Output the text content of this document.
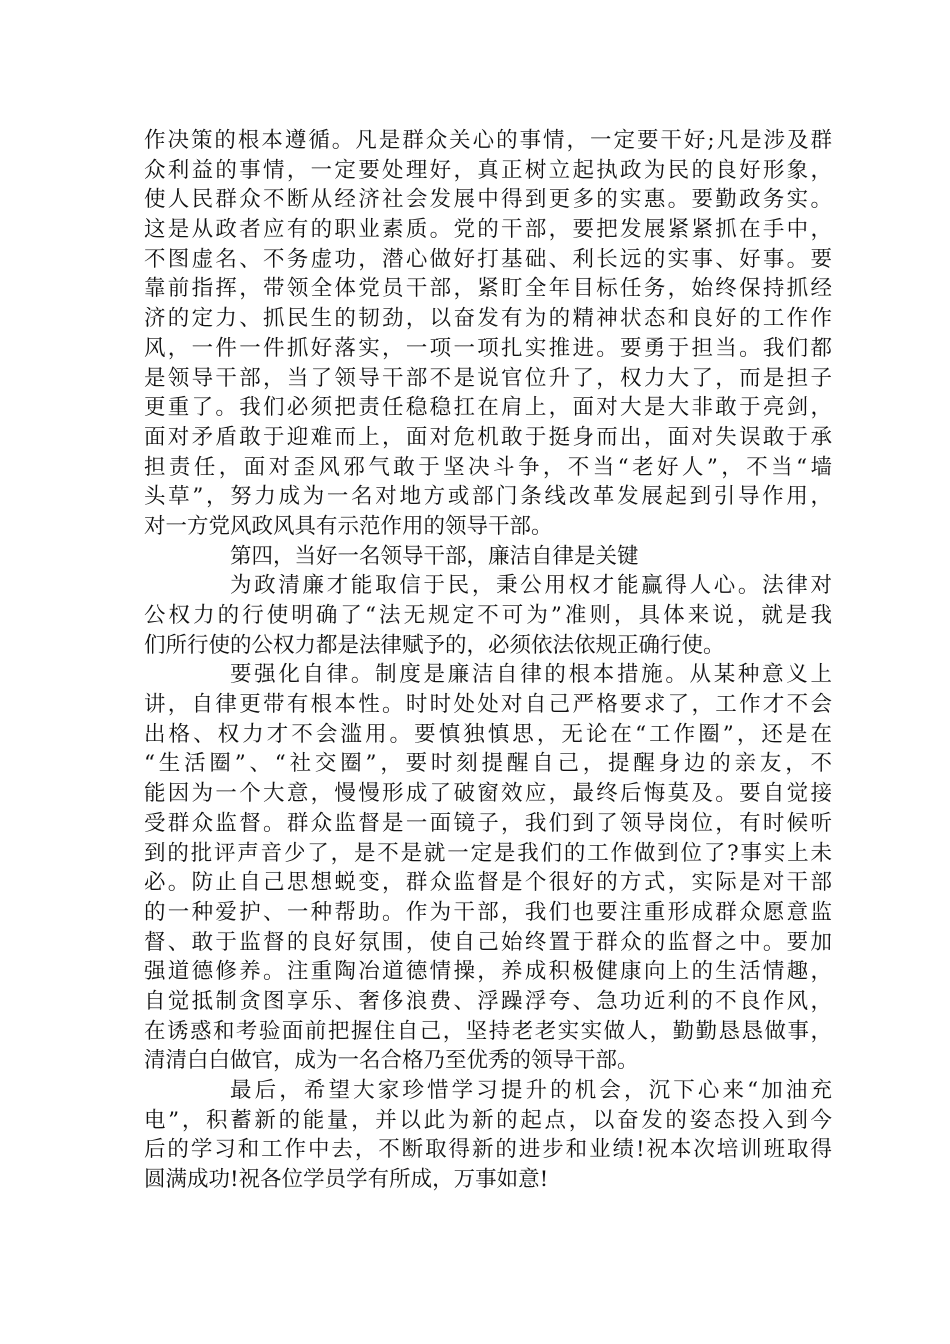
作决策的根本遵循。凡是群众关心的事情，一定要干好;凡是涉及群
众利益的事情，一定要处理好，真正树立起执政为民的良好形象，
使人民群众不断从经济社会发展中得到更多的实惠。要勤政务实。
这是从政者应有的职业素质。党的干部，要把发展紧紧抓在手中，
不图虚名、不务虚功，潜心做好打基础、利长远的实事、好事。要
靠前指挥，带领全体党员干部，紧盯全年目标任务，始终保持抓经
济的定力、抓民生的韧劲，以奋发有为的精神状态和良好的工作作
风，一件一件抓好落实，一项一项扎实推进。要勇于担当。我们都
是领导干部，当了领导干部不是说官位升了，权力大了，而是担子
更重了。我们必须把责任稳稳扛在肩上，面对大是大非敢于亮剑，
面对矛盾敢于迎难而上，面对危机敢于挺身而出，面对失误敢于承
担责任，面对歪风邪气敢于坚决斗争，不当“老好人”，不当“墙
头草”，努力成为一名对地方或部门条线改革发展起到引导作用，
对一方党风政风具有示范作用的领导干部。
第四，当好一名领导干部，廉洁自律是关键
为政清廉才能取信于民，秉公用权才能赢得人心。法律对
公权力的行使明确了“法无规定不可为”准则，具体来说，就是我
们所行使的公权力都是法律赋予的，必须依法依规正确行使。
要强化自律。制度是廉洁自律的根本措施。从某种意义上
讲，自律更带有根本性。时时处处对自己严格要求了，工作才不会
出格、权力才不会滥用。要慎独慎思，无论在“工作圈”，还是在
“生活圈”、“社交圈”，要时刻提醒自己，提醒身边的亲友，不
能因为一个大意，慢慢形成了破窗效应，最终后悔莫及。要自觉接
受群众监督。群众监督是一面镜子，我们到了领导岗位，有时候听
到的批评声音少了，是不是就一定是我们的工作做到位了?事实上未
必。防止自己思想蜕变，群众监督是个很好的方式，实际是对干部
的一种爱护、一种帮助。作为干部，我们也要注重形成群众愿意监
督、敢于监督的良好氛围，使自己始终置于群众的监督之中。要加
强道德修养。注重陶冶道德情操，养成积极健康向上的生活情趣，
自觉抵制贪图享乐、奢侈浪费、浮躁浮夸、急功近利的不良作风，
在诱惑和考验面前把握住自己，坚持老老实实做人，勤勤恳恳做事，
清清白白做官，成为一名合格乃至优秀的领导干部。
最后，希望大家珍惜学习提升的机会，沉下心来“加油充
电”，积蓄新的能量，并以此为新的起点，以奋发的姿态投入到今
后的学习和工作中去，不断取得新的进步和业绩!祝本次培训班取得
圆满成功!祝各位学员学有所成，万事如意!
